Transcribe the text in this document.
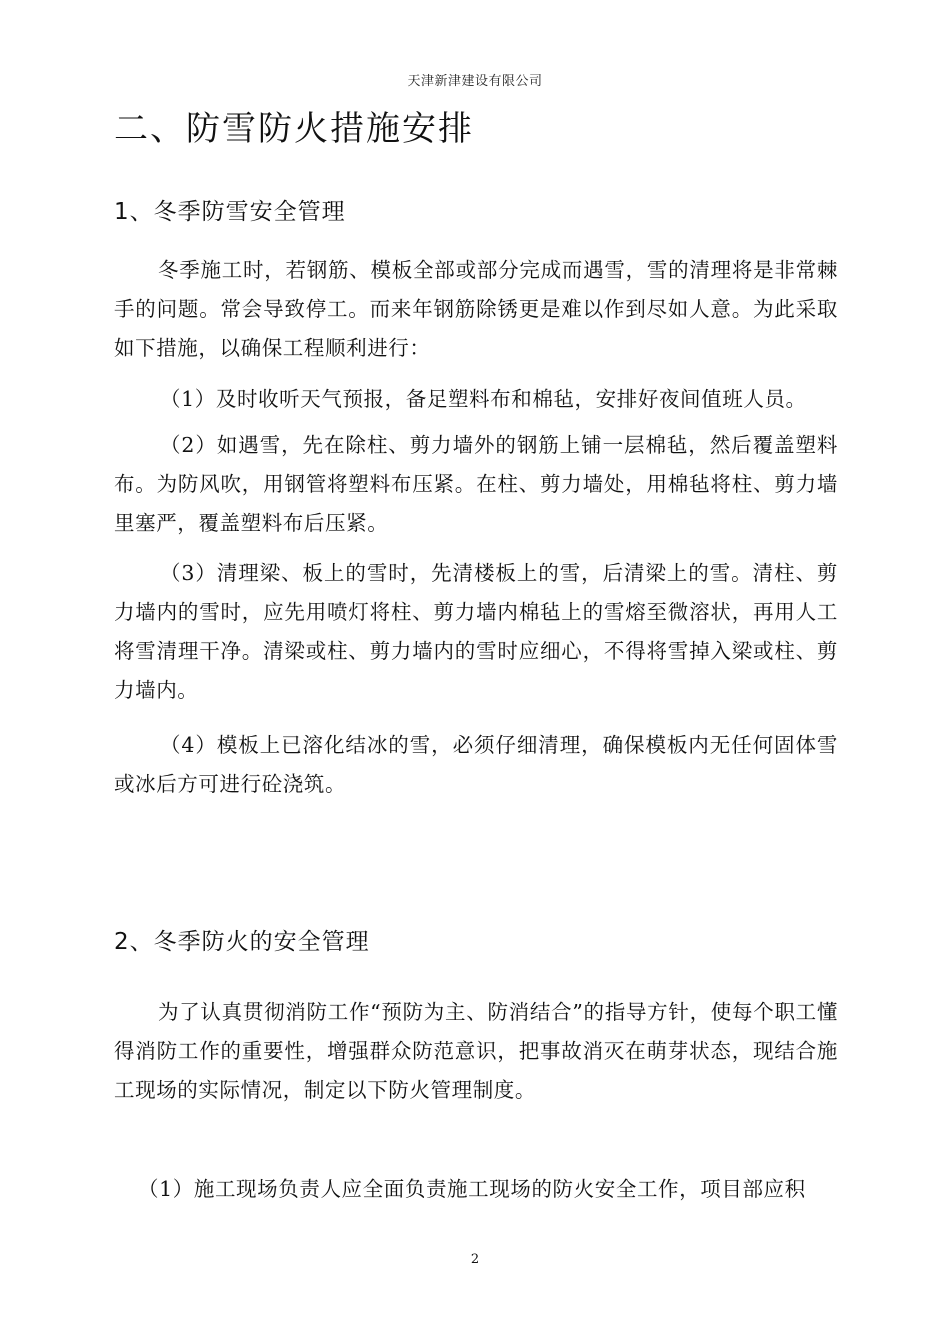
天津新津建设有限公司
二、防雪防火措施安排
1、冬季防雪安全管理
冬季施工时，若钢筋、模板全部或部分完成而遇雪，雪的清理将是非常棘手的问题。常会导致停工。而来年钢筋除锈更是难以作到尽如人意。为此采取如下措施，以确保工程顺利进行：
（1）及时收听天气预报，备足塑料布和棉毡，安排好夜间值班人员。
（2）如遇雪，先在除柱、剪力墙外的钢筋上铺一层棉毡，然后覆盖塑料布。为防风吹，用钢管将塑料布压紧。在柱、剪力墙处，用棉毡将柱、剪力墙里塞严，覆盖塑料布后压紧。
（3）清理梁、板上的雪时，先清楼板上的雪，后清梁上的雪。清柱、剪力墙内的雪时，应先用喷灯将柱、剪力墙内棉毡上的雪熔至微溶状，再用人工将雪清理干净。清梁或柱、剪力墙内的雪时应细心，不得将雪掉入梁或柱、剪力墙内。
（4）模板上已溶化结冰的雪，必须仔细清理，确保模板内无任何固体雪或冰后方可进行砼浇筑。
2、冬季防火的安全管理
为了认真贯彻消防工作“预防为主、防消结合”的指导方针，使每个职工懂得消防工作的重要性，增强群众防范意识，把事故消灭在萌芽状态，现结合施工现场的实际情况，制定以下防火管理制度。
（1）施工现场负责人应全面负责施工现场的防火安全工作，项目部应积
2
